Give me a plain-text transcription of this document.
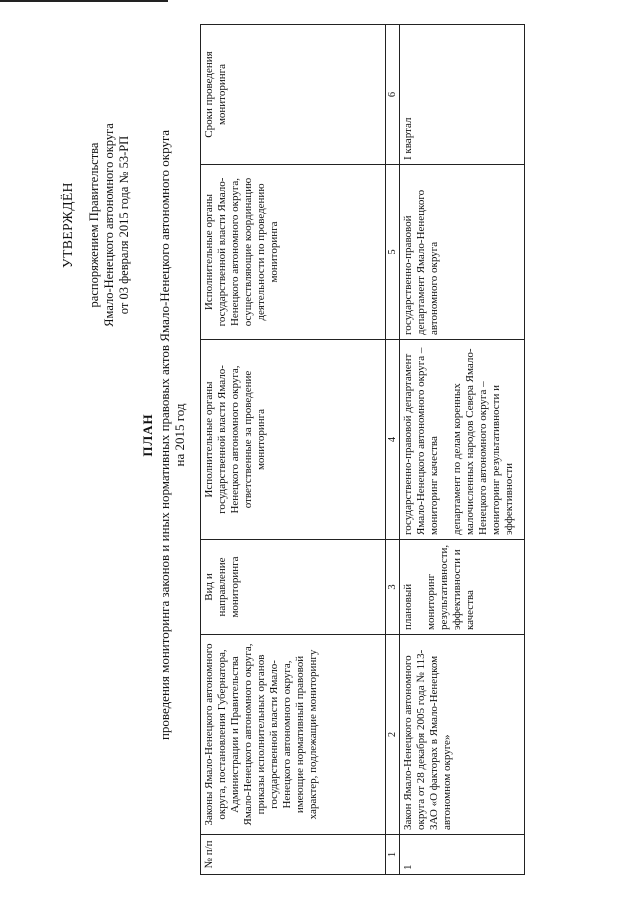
УТВЕРЖДЁН распоряжением Правительства Ямало-Ненецкого автономного округа от 03 февраля 2015 года № 53-РП
ПЛАН проведения мониторинга законов и иных нормативных правовых актов Ямало-Ненецкого автономного округа на 2015 год
№ п/п	Законы Ямало-Ненецкого автономного округа, постановления Губернатора, Администрации и Правительства Ямало-Ненецкого автономного округа, приказы исполнительных органов государственной власти Ямало-Ненецкого автономного округа, имеющие нормативный правовой характер, подлежащие мониторингу	Вид и направление мониторинга	Исполнительные органы государственной власти Ямало-Ненецкого автономного округа, ответственные за проведение мониторинга	Исполнительные органы государственной власти Ямало-Ненецкого автономного округа, осуществляющие координацию деятельности по проведению мониторинга	Сроки проведения мониторинга
1	2	3	4	5	6
1	Закон Ямало-Ненецкого автономного округа от 28 декабря 2005 года № 113-ЗАО «О факторах в Ямало-Ненецком автономном округе»	плановый мониторинг результативности, эффективности и качества	государственно-правовой департамент Ямало-Ненецкого автономного округа – мониторинг качества департамент по делам коренных малочисленных народов Севера Ямало-Ненецкого автономного округа – мониторинг результативности и эффективности	государственно-правовой департамент Ямало-Ненецкого автономного округа	I квартал
